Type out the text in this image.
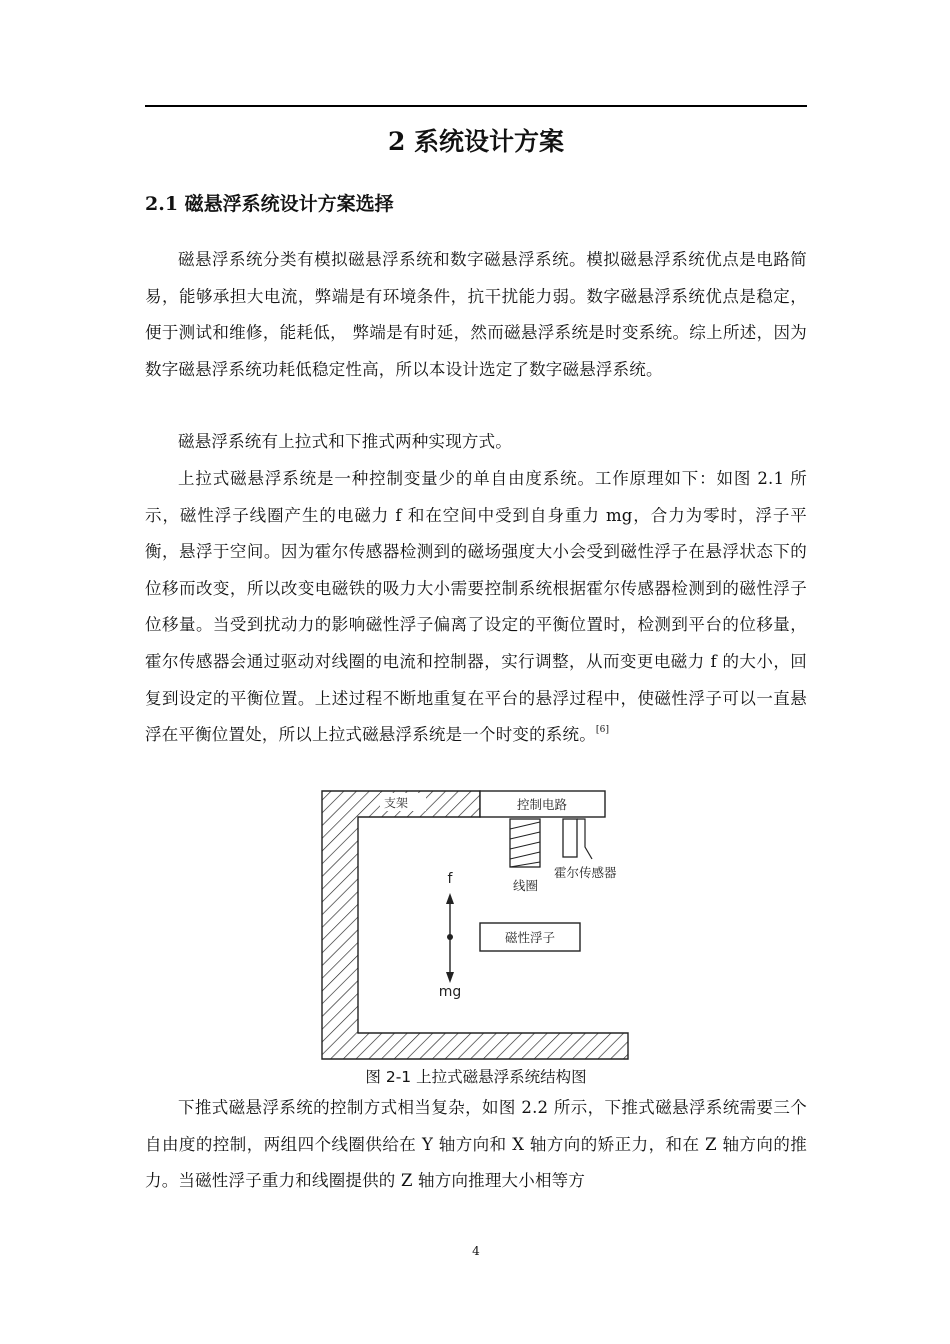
2 系统设计方案
2.1 磁悬浮系统设计方案选择

磁悬浮系统分类有模拟磁悬浮系统和数字磁悬浮系统。模拟磁悬浮系统优点是电路简易，能够承担大电流，弊端是有环境条件，抗干扰能力弱。数字磁悬浮系统优点是稳定，便于测试和维修，能耗低， 弊端是有时延，然而磁悬浮系统是时变系统。综上所述，因为数字磁悬浮系统功耗低稳定性高，所以本设计选定了数字磁悬浮系统。

磁悬浮系统有上拉式和下推式两种实现方式。

上拉式磁悬浮系统是一种控制变量少的单自由度系统。工作原理如下：如图 2.1 所示，磁性浮子线圈产生的电磁力 f 和在空间中受到自身重力 mg，合力为零时，浮子平衡，悬浮于空间。因为霍尔传感器检测到的磁场强度大小会受到磁性浮子在悬浮状态下的位移而改变，所以改变电磁铁的吸力大小需要控制系统根据霍尔传感器检测到的磁性浮子位移量。当受到扰动力的影响磁性浮子偏离了设定的平衡位置时，检测到平台的位移量，霍尔传感器会通过驱动对线圈的电流和控制器，实行调整，从而变更电磁力 f 的大小，回复到设定的平衡位置。上述过程不断地重复在平台的悬浮过程中，使磁性浮子可以一直悬浮在平衡位置处，所以上拉式磁悬浮系统是一个时变的系统。[6]

支架	控制电路
线圈
霍尔传感器
f
mg
磁性浮子

图 2-1 上拉式磁悬浮系统结构图

下推式磁悬浮系统的控制方式相当复杂，如图 2.2 所示，下推式磁悬浮系统需要三个自由度的控制，两组四个线圈供给在 Y 轴方向和 X 轴方向的矫正力，和在 Z 轴方向的推力。当磁性浮子重力和线圈提供的 Z 轴方向推理大小相等方

4
